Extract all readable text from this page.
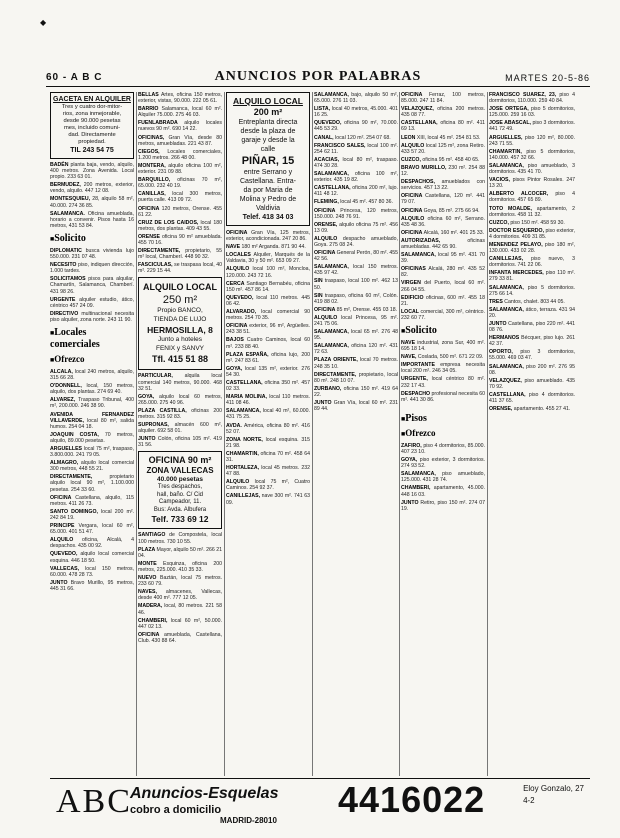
◆
60 - A B C	ANUNCIOS POR PALABRAS	MARTES 20-5-86
GACETA EN ALQUILER
Tres y cuatro dor-mitor-
rios, zona inmejorable,
desde 90.000 pesetas
mes, incluido comuni-
dad. Directamente
propiedad.
TIL 243 54 75

BADÉN planta baja, vendo, alquilo, 400 metros. Zona Avenida. Local propio. 233 63 01.

BERMUDEZ, 200 metros, exterior, vendo, alquilo. 447 12 08.

MONTESQUIEU, 28, alquilo 58 m², 40.000. 274 36 85.

SALAMANCA. Oficina amueblada, horario a convenir. Pisos hasta 16 metros, 431 53 84.

■ Solicito

DIPLOMATIC busca vivienda lujo 550.000. 231 07 48.

NECESITO piso, indiquen dirección, 1.000 tardes.

SOLICITAMOS pisos para alquilar, Chamartín, Salamanca, Chamberí. 431 98 26.

URGENTE alquiler estudio, ático, céntrico 457 24 09.

DIRECTIVO multinacional necesita piso alquiler, zona norte. 243 11 90.

■ Locales comerciales
■ Ofrezco

ALCALA, local 240 metros, alquilo, 315 66 28.

O'DONNELL, local, 150 metros, alquilo, dos plantas. 274 69 40.

ALVAREZ, Traspaso Tribunal, 400 m², 200.000. 246 38 90.

AVENIDA FERNANDEZ VILLAVERDE, local 80 m², salida humos. 254 04 18.

JOAQUIN COSTA, 70 metros, alquilo, 89.000 pesetas.

ARGUELLES local 75 m², traspaso, 3.800.000. 241 79 05.

ALMAGRO, alquilo local comercial 300 metros, 448 55 21.

DIRECTAMENTE, propietario alquilo local 90 m², 1.100.000 pesetas. 254 33 60.

OFICINA Castellana, alquilo, 115 metros. 411 26 73.

SANTO DOMINGO, local 200 m². 242 84 19.

PRINCIPE Vergara, local 60 m², 65.000. 401 51 47.

ALQUILO oficina, Alcalá, 4 despachos. 435 00 92.

QUEVEDO, alquilo local comercial esquina. 446 18 50.

VALLECAS, local 150 metros, 60.000. 478 28 73.

JUNTO Bravo Murillo, 95 metros, 445 31 66.

BELLAS Artes, oficina 150 metros, exterior, vistas, 90.000. 222 05 61.

BARRIO Salamanca, local 60 m². Alquiler 75.000. 275 46 03.

FUENLABRADA alquilo locales nuevos 90 m². 690 14 22.

OFICINAS, Gran Vía, desde 80 metros, amuebladas. 221 43 87.

CIEGOS, Locales comerciales, 1.200 metros. 266 48 00.

MONTERA, alquilo oficina 100 m², exterior. 231 09 88.

BARQUILLO, oficinas 70 m², 65.000. 232 40 19.

CANILLAS, local 300 metros, puerta calle. 413 09 72.

OFICINA 120 metros, Orense. 455 61 22.

CRUZ DE LOS CAIDOS, local 180 metros, dos plantas. 409 43 55.

ORENSE oficina 90 m² amueblada. 455 70 16.

DIRECTAMENTE, propietario, 55 m² local, Chamberí. 448 90 32.

FASCICULAS, se traspasa local, 40 m². 229 15 44.

ALQUILO LOCAL
250 m²
Propio BANCO,
TIENDA DE LUJO
HERMOSILLA, 8
Junto a hoteles
FENIX y SANVY
Tfl. 415 51 88

PARTICULAR, alquila local comercial 140 metros, 90.000. 468 32 51.

GOYA, alquilo local 60 metros, 265.000. 275 40 96.

PLAZA CASTILLA, oficinas 200 metros. 315 92 83.

SUPRONAS, almacén 600 m², alquiler. 692 58 01.

JUNTO Colón, oficina 105 m². 419 31 56.

OFICINA 90 m²
ZONA VALLECAS
40.000 pesetas
Tres despachos,
hall, baño. C/ Cid
Campeador, 11.
Bus: Avda. Albufera
Telf. 733 69 12

SANTIAGO de Compostela, local 100 metros. 730 10 55.

PLAZA Mayor, alquilo 50 m². 266 21 04.

MONTE Esquinza, oficina 200 metros, 225.000. 410 35 33.

NUEVO Baztán, local 75 metros. 233 60 79.

NAVES, almacenes, Vallecas, desde 400 m². 777 12 05.

MADERA, local, 80 metros. 221 58 46.

CHAMBERI, local 60 m², 50.000. 447 02 13.

OFICINA amueblada, Castellana, Club. 430 88 64.

ALQUILO LOCAL
200 m²
Entreplanta directa
desde la plaza de
garaje y desde la
calle
PIÑAR, 15
entre Serrano y
Castellana. Entra-
da por Maria de
Molina y Pedro de
Valdivia
Telef. 418 34 03

OFICINA Gran Vía, 125 metros, exterior, acondicionada. 247 20 86.

NAVE 180 m² Arganda. 871 90 44.

LOCALES Alquiler, Marqués de la Valdavia, 30 y 50 m². 653 09 27.

ALQUILO local 100 m², Moncloa, 120.000. 243 72 16.

CERCA Santiago Bernabéu, oficina 150 m². 457 86 14.

QUEVEDO, local 110 metros. 445 06 42.

ALVARADO, local comercial 90 metros. 254 70 35.

OFICINA exterior, 96 m², Argüelles. 243 38 51.

BAJOS Cuatro Caminos, local 60 m². 233 88 40.

PLAZA ESPAÑA, oficina lujo, 200 m². 247 83 61.

GOYA, local 135 m², exterior. 276 54 30.

CASTELLANA, oficina 350 m². 457 02 33.

MARIA MOLINA, local 110 metros. 411 08 46.

SALAMANCA, local 40 m², 60.000. 431 75 25.

AVDA. América, oficina 80 m². 416 52 07.

ZONA NORTE, local esquina. 315 21 98.

CHAMARTIN, oficina 70 m². 458 64 31.

HORTALEZA, local 45 metros. 232 47 88.

ALQUILO local 75 m², Cuatro Caminos. 254 92 37.

CANILLEJAS, nave 300 m². 741 63 09.

SALAMANCA, bajo, alquilo 50 m², 65.000. 276 11 03.

LISTA, local 40 metros, 45.000. 401 16 25.

QUEVEDO, oficina 90 m², 70.000. 445 53 29.

CANAL, local 120 m². 254 07 68.

FRANCISCO SALES, local 100 m². 254 62 11.

ACACIAS, local 80 m², traspaso. 474 30 28.

SALAMANCA, oficina 100 m², exterior. 435 19 82.

CASTELLANA, oficina 200 m², lujo. 411 48 12.

FLEMING, local 45 m². 457 80 36.

OFICINA Princesa, 120 metros, 150.000. 248 76 91.

ORENSE, alquilo oficina 75 m². 456 13 09.

ALQUILO despacho amueblado, Goya. 275 08 24.

OFICINA General Perón, 80 m². 455 42 56.

SALAMANCA, local 150 metros. 435 97 42.

SIN traspaso, local 100 m². 462 13 50.

SIN traspaso, oficina 60 m², Colón. 419 88 02.

OFICINA 85 m², Orense. 455 03 18.

ALQUILO local Princesa, 95 m². 241 75 06.

SALAMANCA, local 65 m². 276 48 95.

SALAMANCA, oficina 120 m². 431 72 63.

PLAZA ORIENTE, local 70 metros. 248 35 10.

DIRECTAMENTE, propietario, local 80 m². 248 10 07.

ZURBANO, oficina 150 m². 419 64 22.

JUNTO Gran Vía, local 60 m². 231 89 44.

OFICINA Ferraz, 100 metros, 85.000. 247 11 84.

VELAZQUEZ, oficina 200 metros. 435 08 77.

CASTELLANA, oficina 80 m². 411 69 13.

LEON XIII, local 45 m². 254 81 53.

ALQUILO local 125 m², zona Retiro. 433 57 20.

CUZCO, oficina 95 m². 458 40 65.

BRAVO MURILLO, 230 m². 254 88 12.

DESPACHOS, amueblados con servicios. 457 13 22.

OFICINA Castellana, 120 m². 441 79 07.

OFICINA Goya, 85 m². 275 66 94.

ALQUILO oficina 60 m², Serrano. 435 48 36.

OFICINA Alcalá, 160 m². 401 25 33.

AUTORIZADAS, oficinas amuebladas. 442 65 90.

SALAMANCA, local 95 m². 431 70 39.

OFICINAS Alcalá, 280 m². 435 52 82.

VIRGEN del Puerto, local 60 m². 266 04 55.

EDIFICIO oficinas, 600 m². 455 18 21.

LOCAL comercial, 300 m², céntrico. 232 60 77.

■ Solicito

NAVE industrial, zona Sur, 400 m². 695 18 14.

NAVE, Coslada, 500 m². 671 22 09.

IMPORTANTE empresa necesita local 200 m². 246 34 05.

URGENTE, local céntrico 80 m². 232 17 43.

DESPACHO profesional necesita 60 m². 441 30 86.

■ Pisos
■ Ofrezco

ZAFIRO, piso 4 dormitorios, 85.000. 407 23 10.

GOYA, piso exterior, 3 dormitorios. 274 93 52.

SALAMANCA, piso amueblado, 125.000. 431 28 74.

CHAMBERI, apartamento, 45.000. 448 16 03.

JUNTO Retiro, piso 150 m². 274 07 19.

FRANCISCO SUAREZ, 23, piso 4 dormitorios, 110.000. 259 40 84.

JOSE ORTEGA, piso 5 dormitorios, 125.000. 259 16 03.

JOSE ABASCAL, piso 3 dormitorios. 441 72 49.

ARGUELLES, piso 120 m², 80.000. 243 71 55.

CHAMARTIN, piso 5 dormitorios, 140.000. 457 32 66.

SALAMANCA, piso amueblado, 3 dormitorios. 435 41 70.

VACIOS, pisos Pintor Rosales. 247 13 20.

ALBERTO ALCOCER, piso 4 dormitorios. 457 65 89.

TOTO MOALDE, apartamento, 2 dormitorios. 458 11 32.

CUZCO, piso 150 m². 458 59 30.

DOCTOR ESQUERDO, piso exterior, 4 dormitorios. 409 31 85.

MENENDEZ PELAYO, piso 180 m², 130.000. 433 02 28.

CANILLEJAS, piso nuevo, 3 dormitorios. 741 22 06.

INFANTA MERCEDES, piso 110 m². 279 33 81.

SALAMANCA, piso 5 dormitorios. 275 66 14.

TRES Cantos, chalet. 803 44 05.

SALAMANCA, ático, terraza. 431 94 20.

JUNTO Castellana, piso 220 m². 441 08 76.

HERMANOS Bécquer, piso lujo. 261 42 37.

OPORTO, piso 3 dormitorios, 55.000. 469 03 47.

SALAMANCA, piso 200 m². 276 95 08.

VELAZQUEZ, piso amueblado. 435 70 92.

CASTELLANA, piso 4 dormitorios. 411 37 65.

ORENSE, apartamento. 455 27 41.

ABC
Anuncios-Esquelas
cobro a domicilio
MADRID-28010
4416022	Eloy Gonzalo, 27
4-2
